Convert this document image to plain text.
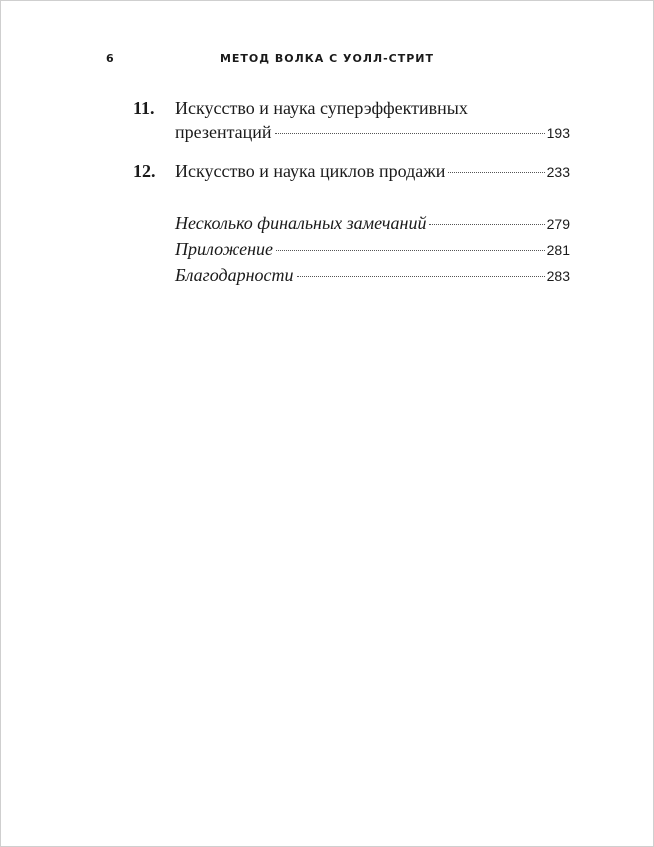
6	МЕТОД ВОЛКА С УОЛЛ-СТРИТ
11. Искусство и наука суперэффективных
презентаций	193
12. Искусство и наука циклов продажи	233
Несколько финальных замечаний	279
Приложение	281
Благодарности	283
